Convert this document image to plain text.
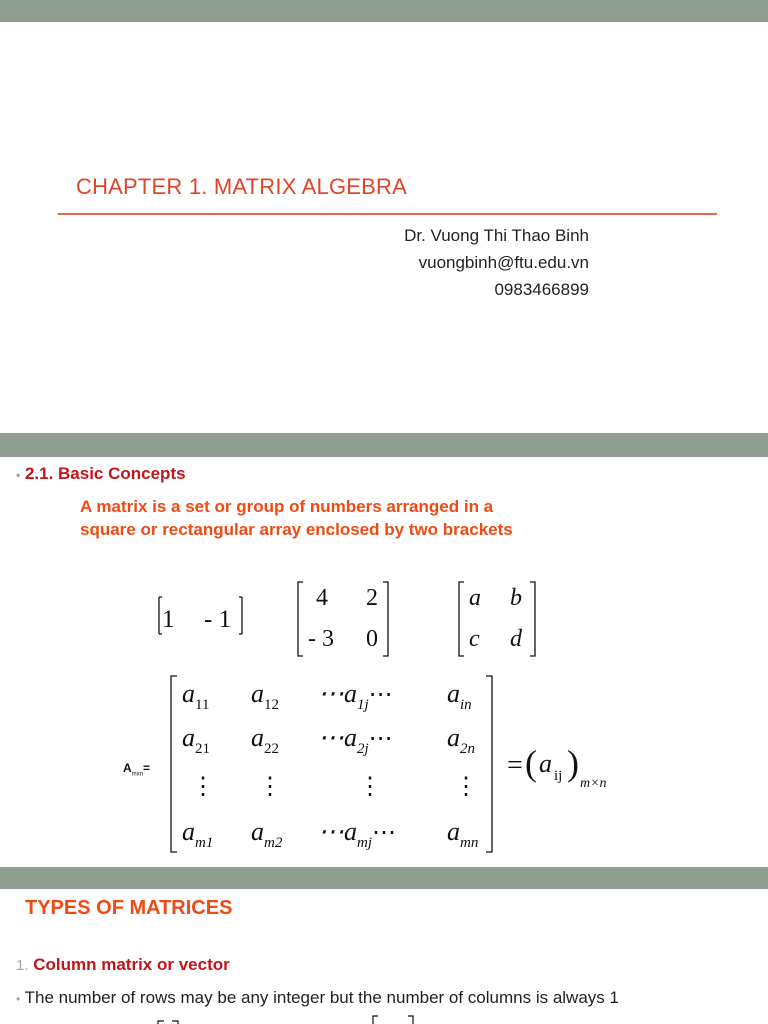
CHAPTER 1. MATRIX ALGEBRA
Dr. Vuong Thi Thao Binh
vuongbinh@ftu.edu.vn
0983466899
• 2.1. Basic Concepts
A matrix is a set or group of numbers arranged in a
square or rectangular array enclosed by two brackets
1 - 1
4 2
- 3 0
a b
c d
$a_{11}$ $a_{12}$ $\cdots a_{1j}\cdots$ $a_{in}$
$a_{21}$ $a_{22}$ $\cdots a_{2j}\cdots$ $a_{2n}$
⋮ ⋮	⋮	⋮
$a_{m1}$ $a_{m2}$ $\cdots a_{mj}\cdots$ $a_{mn}$
= ( a ij )
m×n
$A_{mxn}=$
TYPES OF MATRICES
1. Column matrix or vector
• The number of rows may be any integer but the number of columns is always 1
